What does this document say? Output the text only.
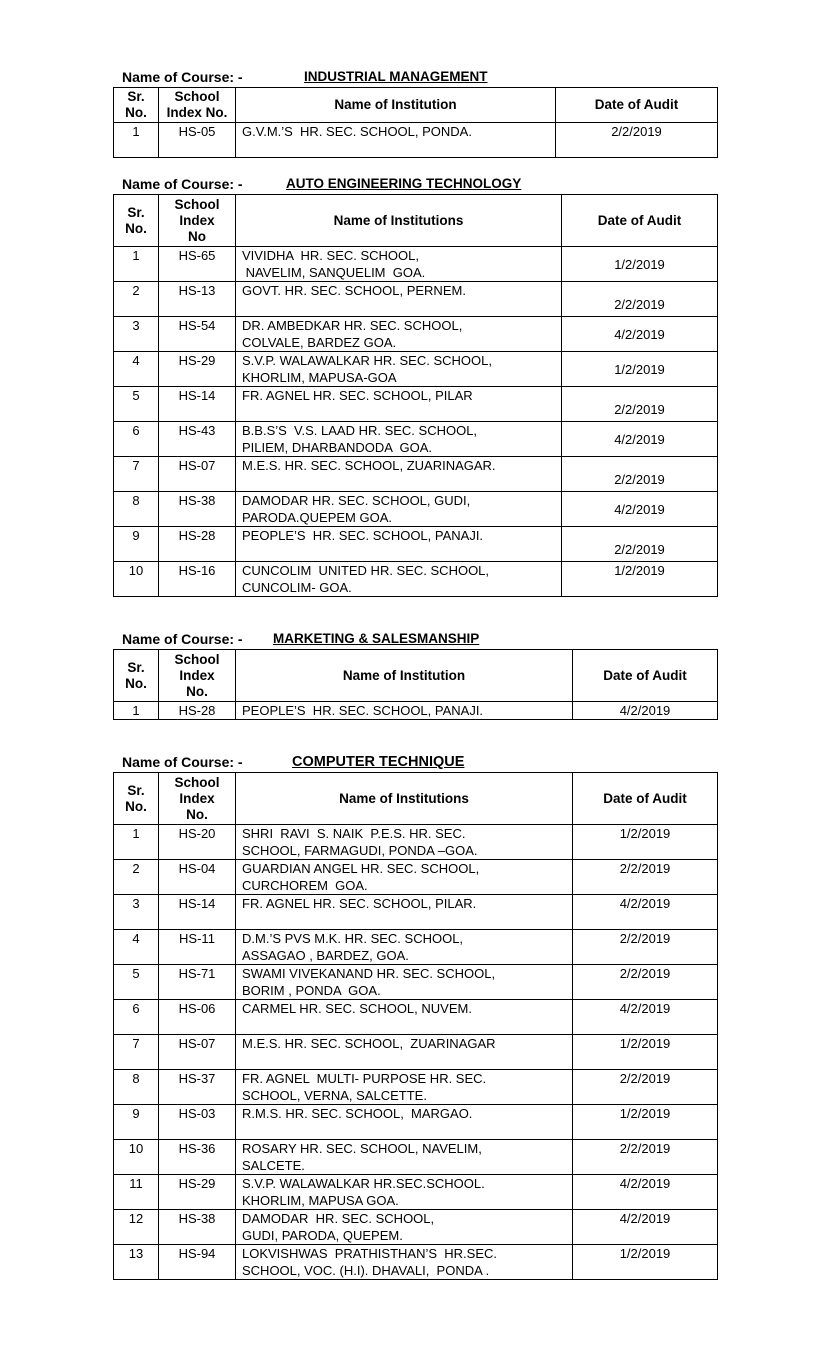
Name of Course: -	INDUSTRIAL MANAGEMENT
Sr.
No.	School
Index No.	Name of Institution	Date of Audit
1	HS-05	G.V.M.’S  HR. SEC. SCHOOL, PONDA.	2/2/2019
Name of Course: -	AUTO ENGINEERING TECHNOLOGY
Sr.
No.	School
Index
No	Name of Institutions	Date of Audit
1	HS-65	VIVIDHA  HR. SEC. SCHOOL,
NAVELIM, SANQUELIM  GOA.	1/2/2019
2	HS-13	GOVT. HR. SEC. SCHOOL, PERNEM.	2/2/2019
3	HS-54	DR. AMBEDKAR HR. SEC. SCHOOL,
COLVALE, BARDEZ GOA.	4/2/2019
4	HS-29	S.V.P. WALAWALKAR HR. SEC. SCHOOL,
KHORLIM, MAPUSA-GOA	1/2/2019
5	HS-14	FR. AGNEL HR. SEC. SCHOOL, PILAR	2/2/2019
6	HS-43	B.B.S’S  V.S. LAAD HR. SEC. SCHOOL,
PILIEM, DHARBANDODA  GOA.	4/2/2019
7	HS-07	M.E.S. HR. SEC. SCHOOL, ZUARINAGAR.	2/2/2019
8	HS-38	DAMODAR HR. SEC. SCHOOL, GUDI,
PARODA.QUEPEM GOA.	4/2/2019
9	HS-28	PEOPLE’S  HR. SEC. SCHOOL, PANAJI.	2/2/2019
10	HS-16	CUNCOLIM  UNITED HR. SEC. SCHOOL,
CUNCOLIM- GOA.	1/2/2019
Name of Course: - MARKETING & SALESMANSHIP
Sr.
No.	School
Index
No.	Name of Institution	Date of Audit
1	HS-28	PEOPLE’S  HR. SEC. SCHOOL, PANAJI.	4/2/2019
Name of Course: -	COMPUTER TECHNIQUE
Sr.
No.	School
Index
No.	Name of Institutions	Date of Audit
1	HS-20	SHRI  RAVI  S. NAIK  P.E.S. HR. SEC.
SCHOOL, FARMAGUDI, PONDA –GOA.	1/2/2019
2	HS-04	GUARDIAN ANGEL HR. SEC. SCHOOL,
CURCHOREM  GOA.	2/2/2019
3	HS-14	FR. AGNEL HR. SEC. SCHOOL, PILAR.	4/2/2019
4	HS-11	D.M.’S PVS M.K. HR. SEC. SCHOOL,
ASSAGAO , BARDEZ, GOA.	2/2/2019
5	HS-71	SWAMI VIVEKANAND HR. SEC. SCHOOL,
BORIM , PONDA  GOA.	2/2/2019
6	HS-06	CARMEL HR. SEC. SCHOOL, NUVEM.	4/2/2019
7	HS-07	M.E.S. HR. SEC. SCHOOL,  ZUARINAGAR	1/2/2019
8	HS-37	FR. AGNEL  MULTI- PURPOSE HR. SEC.
SCHOOL, VERNA, SALCETTE.	2/2/2019
9	HS-03	R.M.S. HR. SEC. SCHOOL,  MARGAO.	1/2/2019
10	HS-36	ROSARY HR. SEC. SCHOOL, NAVELIM,
SALCETE.	2/2/2019
11	HS-29	S.V.P. WALAWALKAR HR.SEC.SCHOOL.
KHORLIM, MAPUSA GOA.	4/2/2019
12	HS-38	DAMODAR  HR. SEC. SCHOOL,
GUDI, PARODA, QUEPEM.	4/2/2019
13	HS-94	LOKVISHWAS  PRATHISTHAN’S  HR.SEC.
SCHOOL, VOC. (H.I). DHAVALI,  PONDA .	1/2/2019
